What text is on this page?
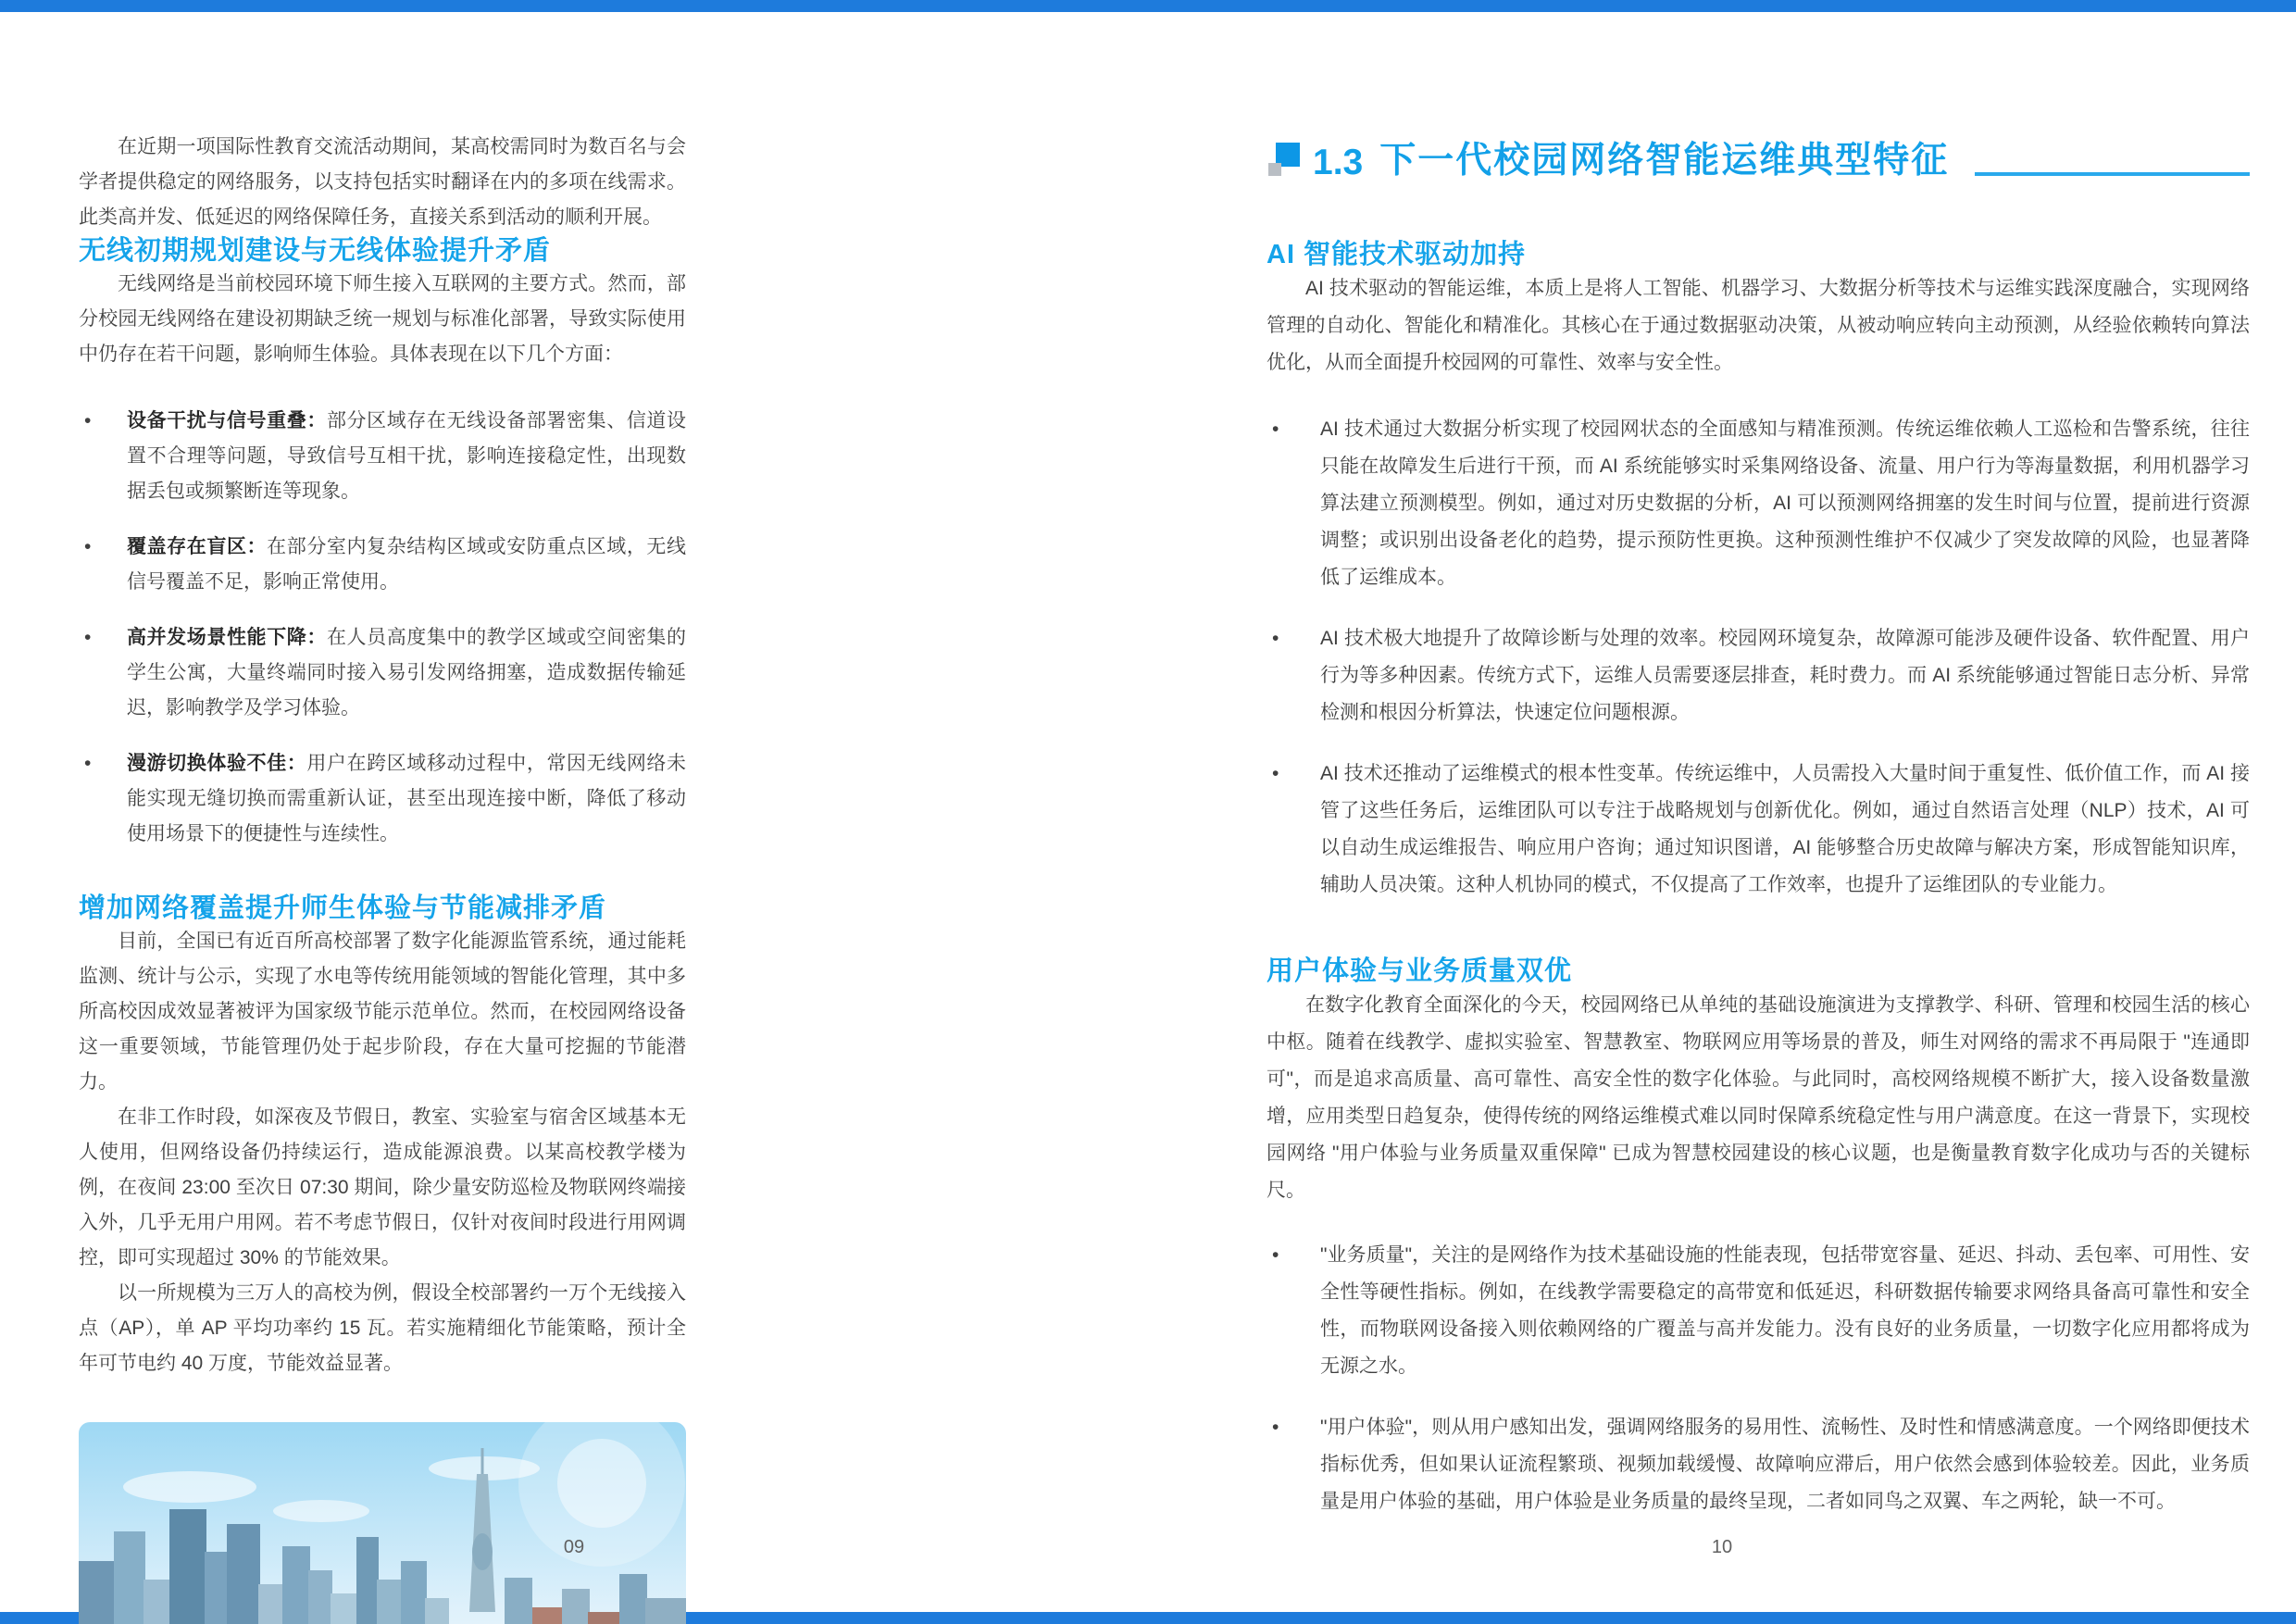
在近期一项国际性教育交流活动期间，某高校需同时为数百名与会学者提供稳定的网络服务，以支持包括实时翻译在内的多项在线需求。此类高并发、低延迟的网络保障任务，直接关系到活动的顺利开展。

无线初期规划建设与无线体验提升矛盾

无线网络是当前校园环境下师生接入互联网的主要方式。然而，部分校园无线网络在建设初期缺乏统一规划与标准化部署，导致实际使用中仍存在若干问题，影响师生体验。具体表现在以下几个方面：

• 设备干扰与信号重叠：部分区域存在无线设备部署密集、信道设置不合理等问题，导致信号互相干扰，影响连接稳定性，出现数据丢包或频繁断连等现象。
• 覆盖存在盲区：在部分室内复杂结构区域或安防重点区域，无线信号覆盖不足，影响正常使用。
• 高并发场景性能下降：在人员高度集中的教学区域或空间密集的学生公寓，大量终端同时接入易引发网络拥塞，造成数据传输延迟，影响教学及学习体验。
• 漫游切换体验不佳：用户在跨区域移动过程中，常因无线网络未能实现无缝切换而需重新认证，甚至出现连接中断，降低了移动使用场景下的便捷性与连续性。
增加网络覆盖提升师生体验与节能减排矛盾

目前，全国已有近百所高校部署了数字化能源监管系统，通过能耗监测、统计与公示，实现了水电等传统用能领域的智能化管理，其中多所高校因成效显著被评为国家级节能示范单位。然而，在校园网络设备这一重要领域，节能管理仍处于起步阶段，存在大量可挖掘的节能潜力。

在非工作时段，如深夜及节假日，教室、实验室与宿舍区域基本无人使用，但网络设备仍持续运行，造成能源浪费。以某高校教学楼为例，在夜间 23:00 至次日 07:30 期间，除少量安防巡检及物联网终端接入外，几乎无用户用网。若不考虑节假日，仅针对夜间时段进行用网调控，即可实现超过 30% 的节能效果。

以一所规模为三万人的高校为例，假设全校部署约一万个无线接入点（AP），单 AP 平均功率约 15 瓦。若实施精细化节能策略，预计全年可节电约 40 万度，节能效益显著。

1.3 下一代校园网络智能运维典型特征
AI 智能技术驱动加持

AI 技术驱动的智能运维，本质上是将人工智能、机器学习、大数据分析等技术与运维实践深度融合，实现网络管理的自动化、智能化和精准化。其核心在于通过数据驱动决策，从被动响应转向主动预测，从经验依赖转向算法优化，从而全面提升校园网的可靠性、效率与安全性。

• AI 技术通过大数据分析实现了校园网状态的全面感知与精准预测。传统运维依赖人工巡检和告警系统，往往只能在故障发生后进行干预，而 AI 系统能够实时采集网络设备、流量、用户行为等海量数据，利用机器学习算法建立预测模型。例如，通过对历史数据的分析，AI 可以预测网络拥塞的发生时间与位置，提前进行资源调整；或识别出设备老化的趋势，提示预防性更换。这种预测性维护不仅减少了突发故障的风险，也显著降低了运维成本。
• AI 技术极大地提升了故障诊断与处理的效率。校园网环境复杂，故障源可能涉及硬件设备、软件配置、用户行为等多种因素。传统方式下，运维人员需要逐层排查，耗时费力。而 AI 系统能够通过智能日志分析、异常检测和根因分析算法，快速定位问题根源。
• AI 技术还推动了运维模式的根本性变革。传统运维中，人员需投入大量时间于重复性、低价值工作，而 AI 接管了这些任务后，运维团队可以专注于战略规划与创新优化。例如，通过自然语言处理（NLP）技术，AI 可以自动生成运维报告、响应用户咨询；通过知识图谱，AI 能够整合历史故障与解决方案，形成智能知识库，辅助人员决策。这种人机协同的模式，不仅提高了工作效率，也提升了运维团队的专业能力。
用户体验与业务质量双优

在数字化教育全面深化的今天，校园网络已从单纯的基础设施演进为支撑教学、科研、管理和校园生活的核心中枢。随着在线教学、虚拟实验室、智慧教室、物联网应用等场景的普及，师生对网络的需求不再局限于 "连通即可"，而是追求高质量、高可靠性、高安全性的数字化体验。与此同时，高校网络规模不断扩大，接入设备数量激增，应用类型日趋复杂，使得传统的网络运维模式难以同时保障系统稳定性与用户满意度。在这一背景下，实现校园网络 "用户体验与业务质量双重保障" 已成为智慧校园建设的核心议题，也是衡量教育数字化成功与否的关键标尺。

• "业务质量"，关注的是网络作为技术基础设施的性能表现，包括带宽容量、延迟、抖动、丢包率、可用性、安全性等硬性指标。例如，在线教学需要稳定的高带宽和低延迟，科研数据传输要求网络具备高可靠性和安全性，而物联网设备接入则依赖网络的广覆盖与高并发能力。没有良好的业务质量，一切数字化应用都将成为无源之水。
• "用户体验"，则从用户感知出发，强调网络服务的易用性、流畅性、及时性和情感满意度。一个网络即便技术指标优秀，但如果认证流程繁琐、视频加载缓慢、故障响应滞后，用户依然会感到体验较差。因此，业务质量是用户体验的基础，用户体验是业务质量的最终呈现，二者如同鸟之双翼、车之两轮，缺一不可。
09	10
